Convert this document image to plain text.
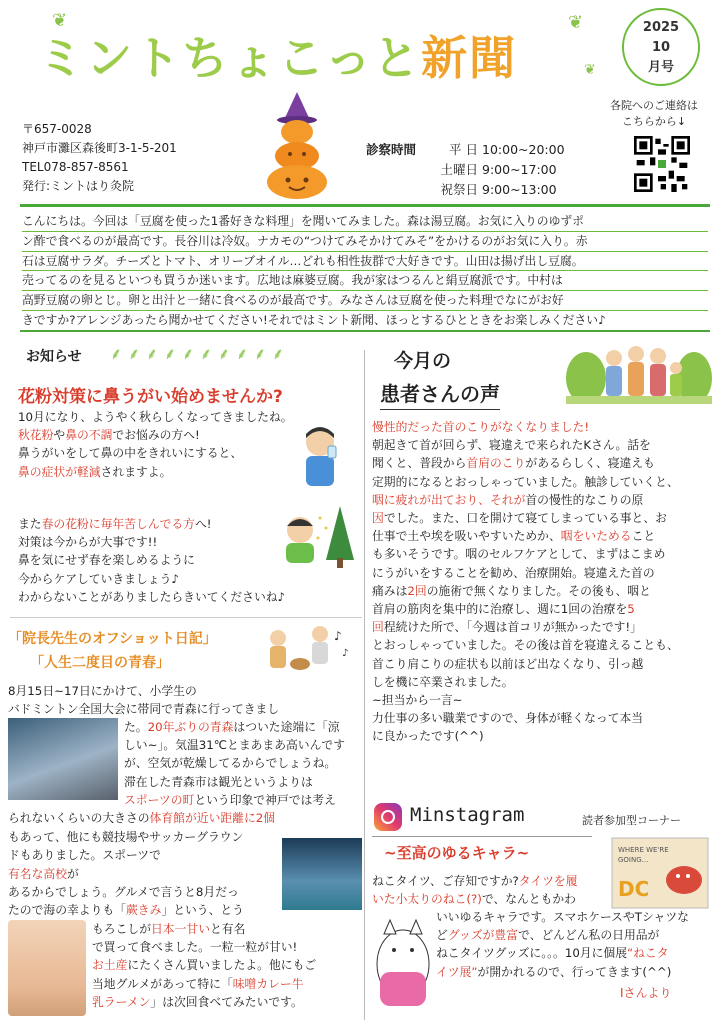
❦	❦
❦
ミントちょこっと新聞
2025
10
月号
〒657-0028
神戸市灘区森後町3-1-5-201
TEL078-857-8561
発行:ミントはり灸院
診察時間	平 日 10:00~20:00
土曜日 9:00~17:00
祝祭日 9:00~13:00
各院へのご連絡は
こちらから↓
こんにちは。今回は「豆腐を使った1番好きな料理」を聞いてみました。森は湯豆腐。お気に入りのゆずポ
ン酢で食べるのが最高です。長谷川は冷奴。ナカモの“つけてみそかけてみそ”をかけるのがお気に入り。赤
石は豆腐サラダ。チーズとトマト、オリーブオイル…どれも相性抜群で大好きです。山田は揚げ出し豆腐。
売ってるのを見るといつも買うか迷います。広地は麻婆豆腐。我が家はつるんと絹豆腐派です。中村は
高野豆腐の卵とじ。卵と出汁と一緒に食べるのが最高です。みなさんは豆腐を使った料理でなにがお好
きですか?アレンジあったら聞かせてください!それではミント新聞、ほっとするひとときをお楽しみください♪
お知らせ ⸙⸙⸙⸙⸙⸙⸙⸙⸙⸙
花粉対策に鼻うがい始めませんか?
10月になり、ようやく秋らしくなってきましたね。
秋花粉や鼻の不調でお悩みの方へ!
鼻うがいをして鼻の中をきれいにすると、
鼻の症状が軽減されますよ。
また春の花粉に毎年苦しんでる方へ!
対策は今からが大事です!!
鼻を気にせず春を楽しめるように
今からケアしていきましょう♪
わからないことがありましたらきいてくださいね♪
「院長先生のオフショット日記」
「人生二度目の青春」
♪
♪
8月15日~17日にかけて、小学生の
バドミントン全国大会に帯同で青森に行ってきまし
た。20年ぶりの青森はついた途端に「涼
しい~」。気温31℃とまあまあ高いんです
が、空気が乾燥してるからでしょうね。
滞在した青森市は観光というよりは
スポーツの町という印象で神戸では考え
られないくらいの大きさの体育館が近い距離に2個
もあって、他にも競技場やサッカーグラウン
ドもありました。スポーツで
有名な高校が
あるからでしょう。グルメで言うと8月だっ
たので海の幸よりも「蕨きみ」という、とう
もろこしが日本一甘いと有名
で買って食べました。一粒一粒が甘い!
お土産にたくさん買いましたよ。他にもご
当地グルメがあって特に「味噌カレー牛
乳ラーメン」は次回食べてみたいです。
今月の
患者さんの声
慢性的だった首のこりがなくなりました!
朝起きて首が回らず、寝違えで来られたKさん。話を
聞くと、普段から首肩のこりがあるらしく、寝違えも
定期的になるとおっしゃっていました。触診していくと、
咽に疲れが出ており、それが首の慢性的なこりの原
因でした。また、口を開けて寝てしまっている事と、お
仕事で土や埃を吸いやすいためか、咽をいためること
も多いそうです。咽のセルフケアとして、まずはこまめ
にうがいをすることを勧め、治療開始。寝違えた首の
痛みは2回の施術で無くなりました。その後も、咽と
首肩の筋肉を集中的に治療し、週に1回の治療を5
回程続けた所で、「今週は首コリが無かったです!」
とおっしゃっていました。その後は首を寝違えることも、
首こり肩こりの症状も以前ほど出なくなり、引っ越
しを機に卒業されました。
~担当から一言~
力仕事の多い職業ですので、身体が軽くなって本当
に良かったです(^^)
Minstagram	読者参加型コーナー
~至高のゆるキャラ~	WHERE WE'RE
GOING...
DC
ねこタイツ、ご存知ですか?タイツを履
いた小太りのねこ(?)で、なんともかわ
いいゆるキャラです。スマホケースやTシャツな
どグッズが豊富で、どんどん私の日用品が
ねこタイツグッズに。。。10月に個展“ねこタ
イツ展”が開かれるので、行ってきます(^^)
Iさんより
